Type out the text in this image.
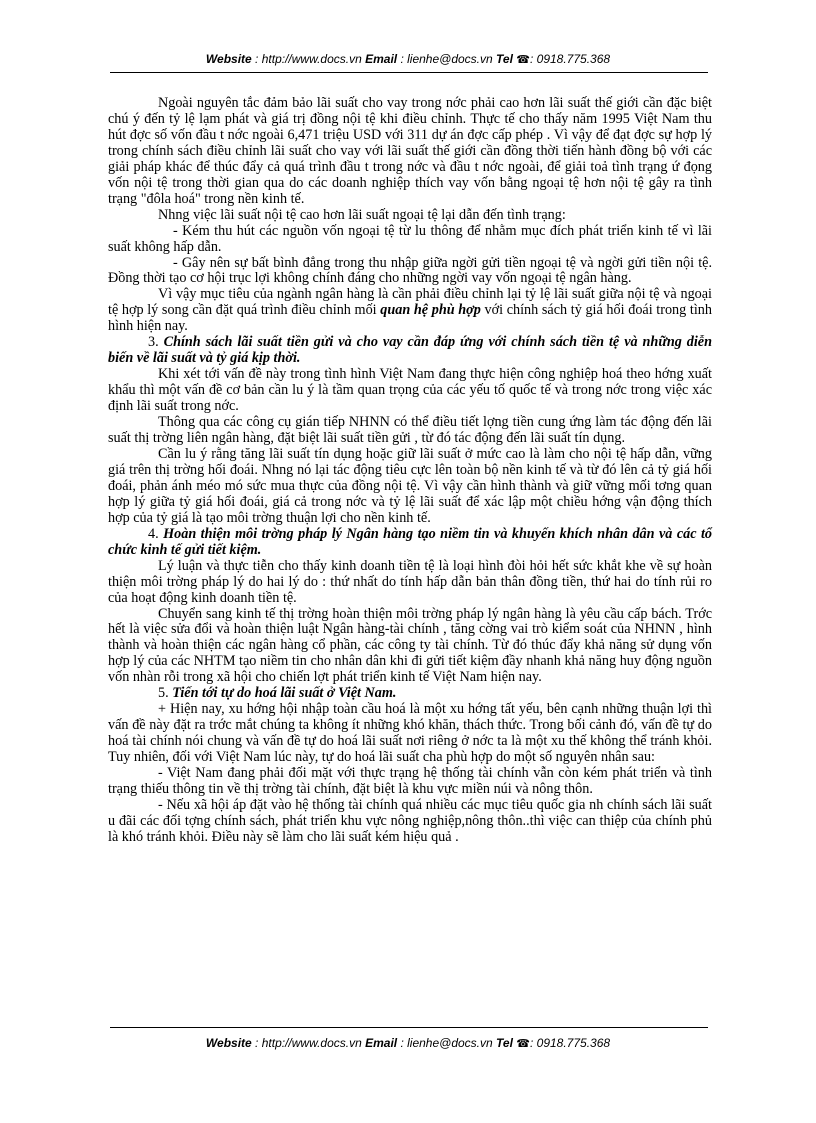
Website : http://www.docs.vn Email : lienhe@docs.vn Tel ☎: 0918.775.368

Ngoài nguyên tắc đảm bảo lãi suất cho vay trong nớc phải cao hơn lãi suất thế giới cần đặc biệt chú ý đến tỷ lệ lạm phát và giá trị đồng nội tệ khi điều chỉnh. Thực tế cho thấy năm 1995 Việt Nam thu hút đợc số vốn đầu t nớc ngoài 6,471 triệu USD với 311 dự án đợc cấp phép . Vì vậy để đạt đợc sự hợp lý trong chính sách điều chỉnh lãi suất cho vay với lãi suất thế giới cần đồng thời tiến hành đồng bộ với các giải pháp khác để thúc đẩy cả quá trình đầu t trong nớc và đầu t nớc ngoài, để giải toả tình trạng ứ đọng vốn nội tệ trong thời gian qua do các doanh nghiệp thích vay vốn bằng ngoại tệ hơn nội tệ gây ra tình trạng "đôla hoá" trong nền kinh tế.

Nhng việc lãi suất nội tệ cao hơn lãi suất ngoại tệ lại dẫn đến tình trạng:

- Kém thu hút các nguồn vốn ngoại tệ từ lu thông để nhằm mục đích phát triển kinh tế vì lãi suất không hấp dẫn.

- Gây nên sự bất bình đẳng trong thu nhập giữa ngời gửi tiền ngoại tệ và ngời gửi tiền nội tệ. Đồng thời tạo cơ hội trục lợi không chính đáng cho những ngời vay vốn ngoại tệ ngân hàng.

Vì vậy mục tiêu của ngành ngân hàng là cần phải điều chỉnh lại tỷ lệ lãi suất giữa nội tệ và ngoại tệ hợp lý song cần đặt quá trình điều chỉnh mối quan hệ phù hợp với chính sách tỷ giá hối đoái trong tình hình hiện nay.

3. Chính sách lãi suất tiền gửi và cho vay cần đáp ứng với chính sách tiền tệ và những diễn biến về lãi suất và tỷ giá kịp thời.

Khi xét tới vấn đề này trong tình hình Việt Nam đang thực hiện công nghiệp hoá theo hớng xuất khẩu thì một vấn đề cơ bản cần lu ý là tầm quan trọng của các yếu tố quốc tế và trong nớc trong việc xác định lãi suất trong nớc.

Thông qua các công cụ gián tiếp NHNN có thể điều tiết lợng tiền cung ứng làm tác động đến lãi suất thị trờng liên ngân hàng, đặt biệt lãi suất tiền gửi , từ đó tác động đến lãi suất tín dụng.

Cần lu ý rằng tăng lãi suất tín dụng hoặc giữ lãi suất ở mức cao là làm cho nội tệ hấp dẫn, vững giá trên thị trờng hối đoái. Nhng nó lại tác động tiêu cực lên toàn bộ nền kinh tế và từ đó lên cả tỷ giá hối đoái, phản ánh méo mó sức mua thực của đồng nội tệ. Vì vậy cần hình thành và giữ vững mối tơng quan hợp lý giữa tỷ giá hối đoái, giá cả trong nớc và tỷ lệ lãi suất để xác lập một chiều hớng vận động thích hợp của tỷ giá là tạo môi trờng thuận lợi cho nền kinh tế.

4. Hoàn thiện môi trờng pháp lý Ngân hàng tạo niềm tin và khuyến khích nhân dân và các tổ chức kinh tế gửi tiết kiệm.

Lý luận và thực tiễn cho thấy kinh doanh tiền tệ là loại hình đòi hỏi hết sức khắt khe về sự hoàn thiện môi trờng pháp lý do hai lý do : thứ nhất do tính hấp dẫn bản thân đồng tiền, thứ hai do tính rủi ro của hoạt động kinh doanh tiền tệ.

Chuyển sang kinh tế thị trờng hoàn thiện môi trờng pháp lý ngân hàng là yêu cầu cấp bách. Trớc hết là việc sửa đổi và hoàn thiện luật Ngân hàng-tài chính , tăng cờng vai trò kiểm soát của NHNN , hình thành và hoàn thiện các ngân hàng cổ phần, các công ty tài chính. Từ đó thúc đẩy khả năng sử dụng vốn hợp lý của các NHTM tạo niềm tin cho nhân dân khi đi gửi tiết kiệm đầy nhanh khả năng huy động nguồn vốn nhàn rỗi trong xã hội cho chiến lợt phát triển kinh tế Việt Nam hiện nay.

5. Tiến tới tự do hoá lãi suất ở Việt Nam.

+ Hiện nay, xu hớng hội nhập toàn cầu hoá là một xu hớng tất yếu, bên cạnh những thuận lợi thì vấn đề này đặt ra trớc mắt chúng ta không ít những khó khăn, thách thức. Trong bối cảnh đó, vấn đề tự do hoá tài chính nói chung và vấn đề tự do hoá lãi suất nơi riêng ở nớc ta là một xu thế không thể tránh khỏi. Tuy nhiên, đối với Việt Nam lúc này, tự do hoá lãi suất cha phù hợp do một số nguyên nhân sau:

- Việt Nam đang phải đối mặt với thực trạng hệ thống tài chính vẫn còn kém phát triển và tình trạng thiếu thông tin về thị trờng tài chính, đặt biệt là khu vực miền núi và nông thôn.

- Nếu xã hội áp đặt vào hệ thống tài chính quá nhiều các mục tiêu quốc gia nh chính sách lãi suất u đãi các đối tợng chính sách, phát triển khu vực nông nghiệp,nông thôn..thì việc can thiệp của chính phủ là khó tránh khỏi. Điều này sẽ làm cho lãi suất kém hiệu quả .

Website : http://www.docs.vn Email : lienhe@docs.vn Tel ☎: 0918.775.368
